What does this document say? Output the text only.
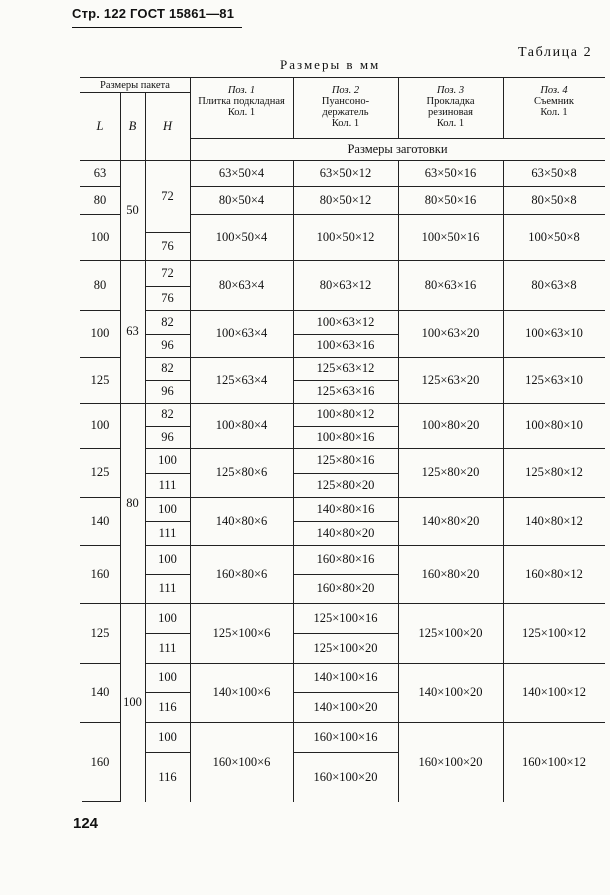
Стр. 122 ГОСТ 15861—81
Таблица 2
Размеры в мм
Размеры пакета
L	B	H
Поз. 1
Плитка подкладная
Кол. 1
Поз. 2
Пуансоно- держатель
Кол. 1
Поз. 3
Прокладка резиновая
Кол. 1
Поз. 4
Съемник
Кол. 1
Размеры заготовки
63
80
100
80
100
125
100
125
140
160
125
140
160
50
63
80
100
72
76
72
76
82
96
82
96
82
96
100
111
100
111
100
111
100
111
100
116
100
116
63×50×4
80×50×4
100×50×4
80×63×4
100×63×4
125×63×4
100×80×4
125×80×6
140×80×6
160×80×6
125×100×6
140×100×6
160×100×6
63×50×16
80×50×16
100×50×16
80×63×16
100×63×20
125×63×20
100×80×20
125×80×20
140×80×20
160×80×20
125×100×20
140×100×20
160×100×20
63×50×8
80×50×8
100×50×8
80×63×8
100×63×10
125×63×10
100×80×10
125×80×12
140×80×12
160×80×12
125×100×12
140×100×12
160×100×12
63×50×12
80×50×12
100×50×12
80×63×12
100×63×12
100×63×16
125×63×12
125×63×16
100×80×12
100×80×16
125×80×16
125×80×20
140×80×16
140×80×20
160×80×16
160×80×20
125×100×16
125×100×20
140×100×16
140×100×20
160×100×16
160×100×20
124
